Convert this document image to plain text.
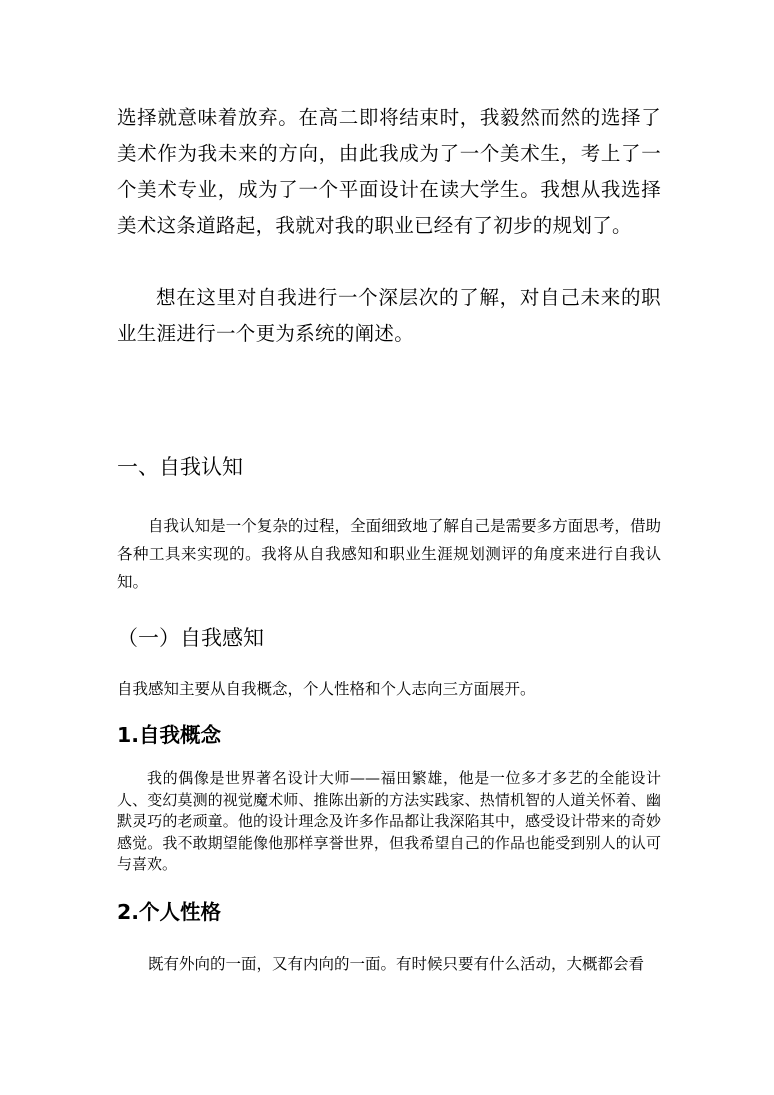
选择就意味着放弃。在高二即将结束时，我毅然而然的选择了美术作为我未来的方向，由此我成为了一个美术生，考上了一个美术专业，成为了一个平面设计在读大学生。我想从我选择美术这条道路起，我就对我的职业已经有了初步的规划了。

想在这里对自我进行一个深层次的了解，对自己未来的职业生涯进行一个更为系统的阐述。

一、自我认知

自我认知是一个复杂的过程，全面细致地了解自己是需要多方面思考，借助各种工具来实现的。我将从自我感知和职业生涯规划测评的角度来进行自我认知。

（一）自我感知

自我感知主要从自我概念，个人性格和个人志向三方面展开。

1.自我概念

我的偶像是世界著名设计大师——福田繁雄，他是一位多才多艺的全能设计人、变幻莫测的视觉魔术师、推陈出新的方法实践家、热情机智的人道关怀着、幽默灵巧的老顽童。他的设计理念及许多作品都让我深陷其中，感受设计带来的奇妙感觉。我不敢期望能像他那样享誉世界，但我希望自己的作品也能受到别人的认可与喜欢。

2.个人性格

既有外向的一面，又有内向的一面。有时候只要有什么活动，大概都会看
